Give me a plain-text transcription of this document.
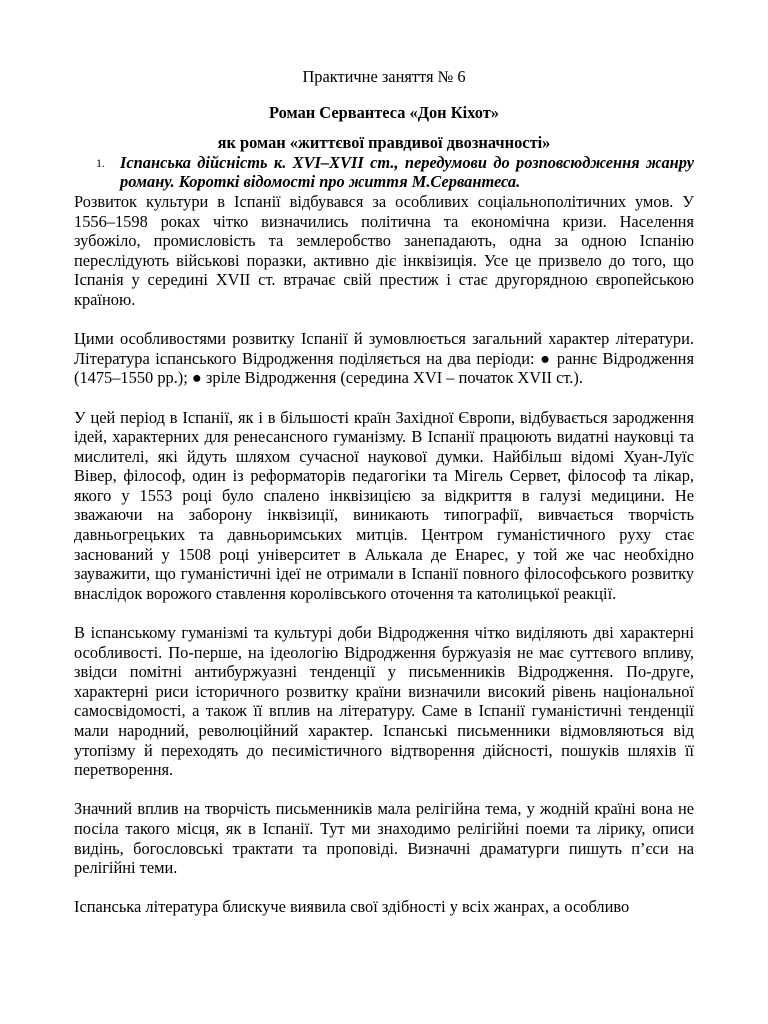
Практичне заняття № 6

Роман Сервантеса «Дон Кіхот»

як роман «життєвої правдивої двозначності»

1. Іспанська дійсність к. XVI–XVII ст., передумови до розповсюдження жанру роману. Короткі відомості про життя М.Сервантеса.

Розвиток культури в Іспанії відбувався за особливих соціальнополітичних умов. У 1556–1598 роках чітко визначились політична та економічна кризи. Населення зубожіло, промисловість та землеробство занепадають, одна за одною Іспанію переслідують військові поразки, активно діє інквізиція. Усе це призвело до того, що Іспанія у середині XVII ст. втрачає свій престиж і стає другорядною європейською країною.

Цими особливостями розвитку Іспанії й зумовлюється загальний характер літератури. Література іспанського Відродження поділяється на два періоди: ● раннє Відродження (1475–1550 рр.); ● зріле Відродження (середина XVI – початок XVII ст.).

У цей період в Іспанії, як і в більшості країн Західної Європи, відбувається зародження ідей, характерних для ренесансного гуманізму. В Іспанії працюють видатні науковці та мислителі, які йдуть шляхом сучасної наукової думки. Найбільш відомі Хуан-Луїс Вівер, філософ, один із реформаторів педагогіки та Мігель Сервет, філософ та лікар, якого у 1553 році було спалено інквізицією за відкриття в галузі медицини. Не зважаючи на заборону інквізиції, виникають типографії, вивчається творчість давньогрецьких та давньоримських митців. Центром гуманістичного руху стає заснований у 1508 році університет в Алькала де Енарес, у той же час необхідно зауважити, що гуманістичні ідеї не отримали в Іспанії повного філософського розвитку внаслідок ворожого ставлення королівського оточення та католицької реакції.

В іспанському гуманізмі та культурі доби Відродження чітко виділяють дві характерні особливості. По-перше, на ідеологію Відродження буржуазія не має суттєвого впливу, звідси помітні антибуржуазні тенденції у письменників Відродження. По-друге, характерні риси історичного розвитку країни визначили високий рівень національної самосвідомості, а також її вплив на літературу. Саме в Іспанії гуманістичні тенденції мали народний, революційний характер. Іспанські письменники відмовляються від утопізму й переходять до песимістичного відтворення дійсності, пошуків шляхів її перетворення.

Значний вплив на творчість письменників мала релігійна тема, у жодній країні вона не посіла такого місця, як в Іспанії. Тут ми знаходимо релігійні поеми та лірику, описи видінь, богословські трактати та проповіді. Визначні драматурги пишуть п’єси на релігійні теми.

Іспанська література блискуче виявила свої здібності у всіх жанрах, а особливо
